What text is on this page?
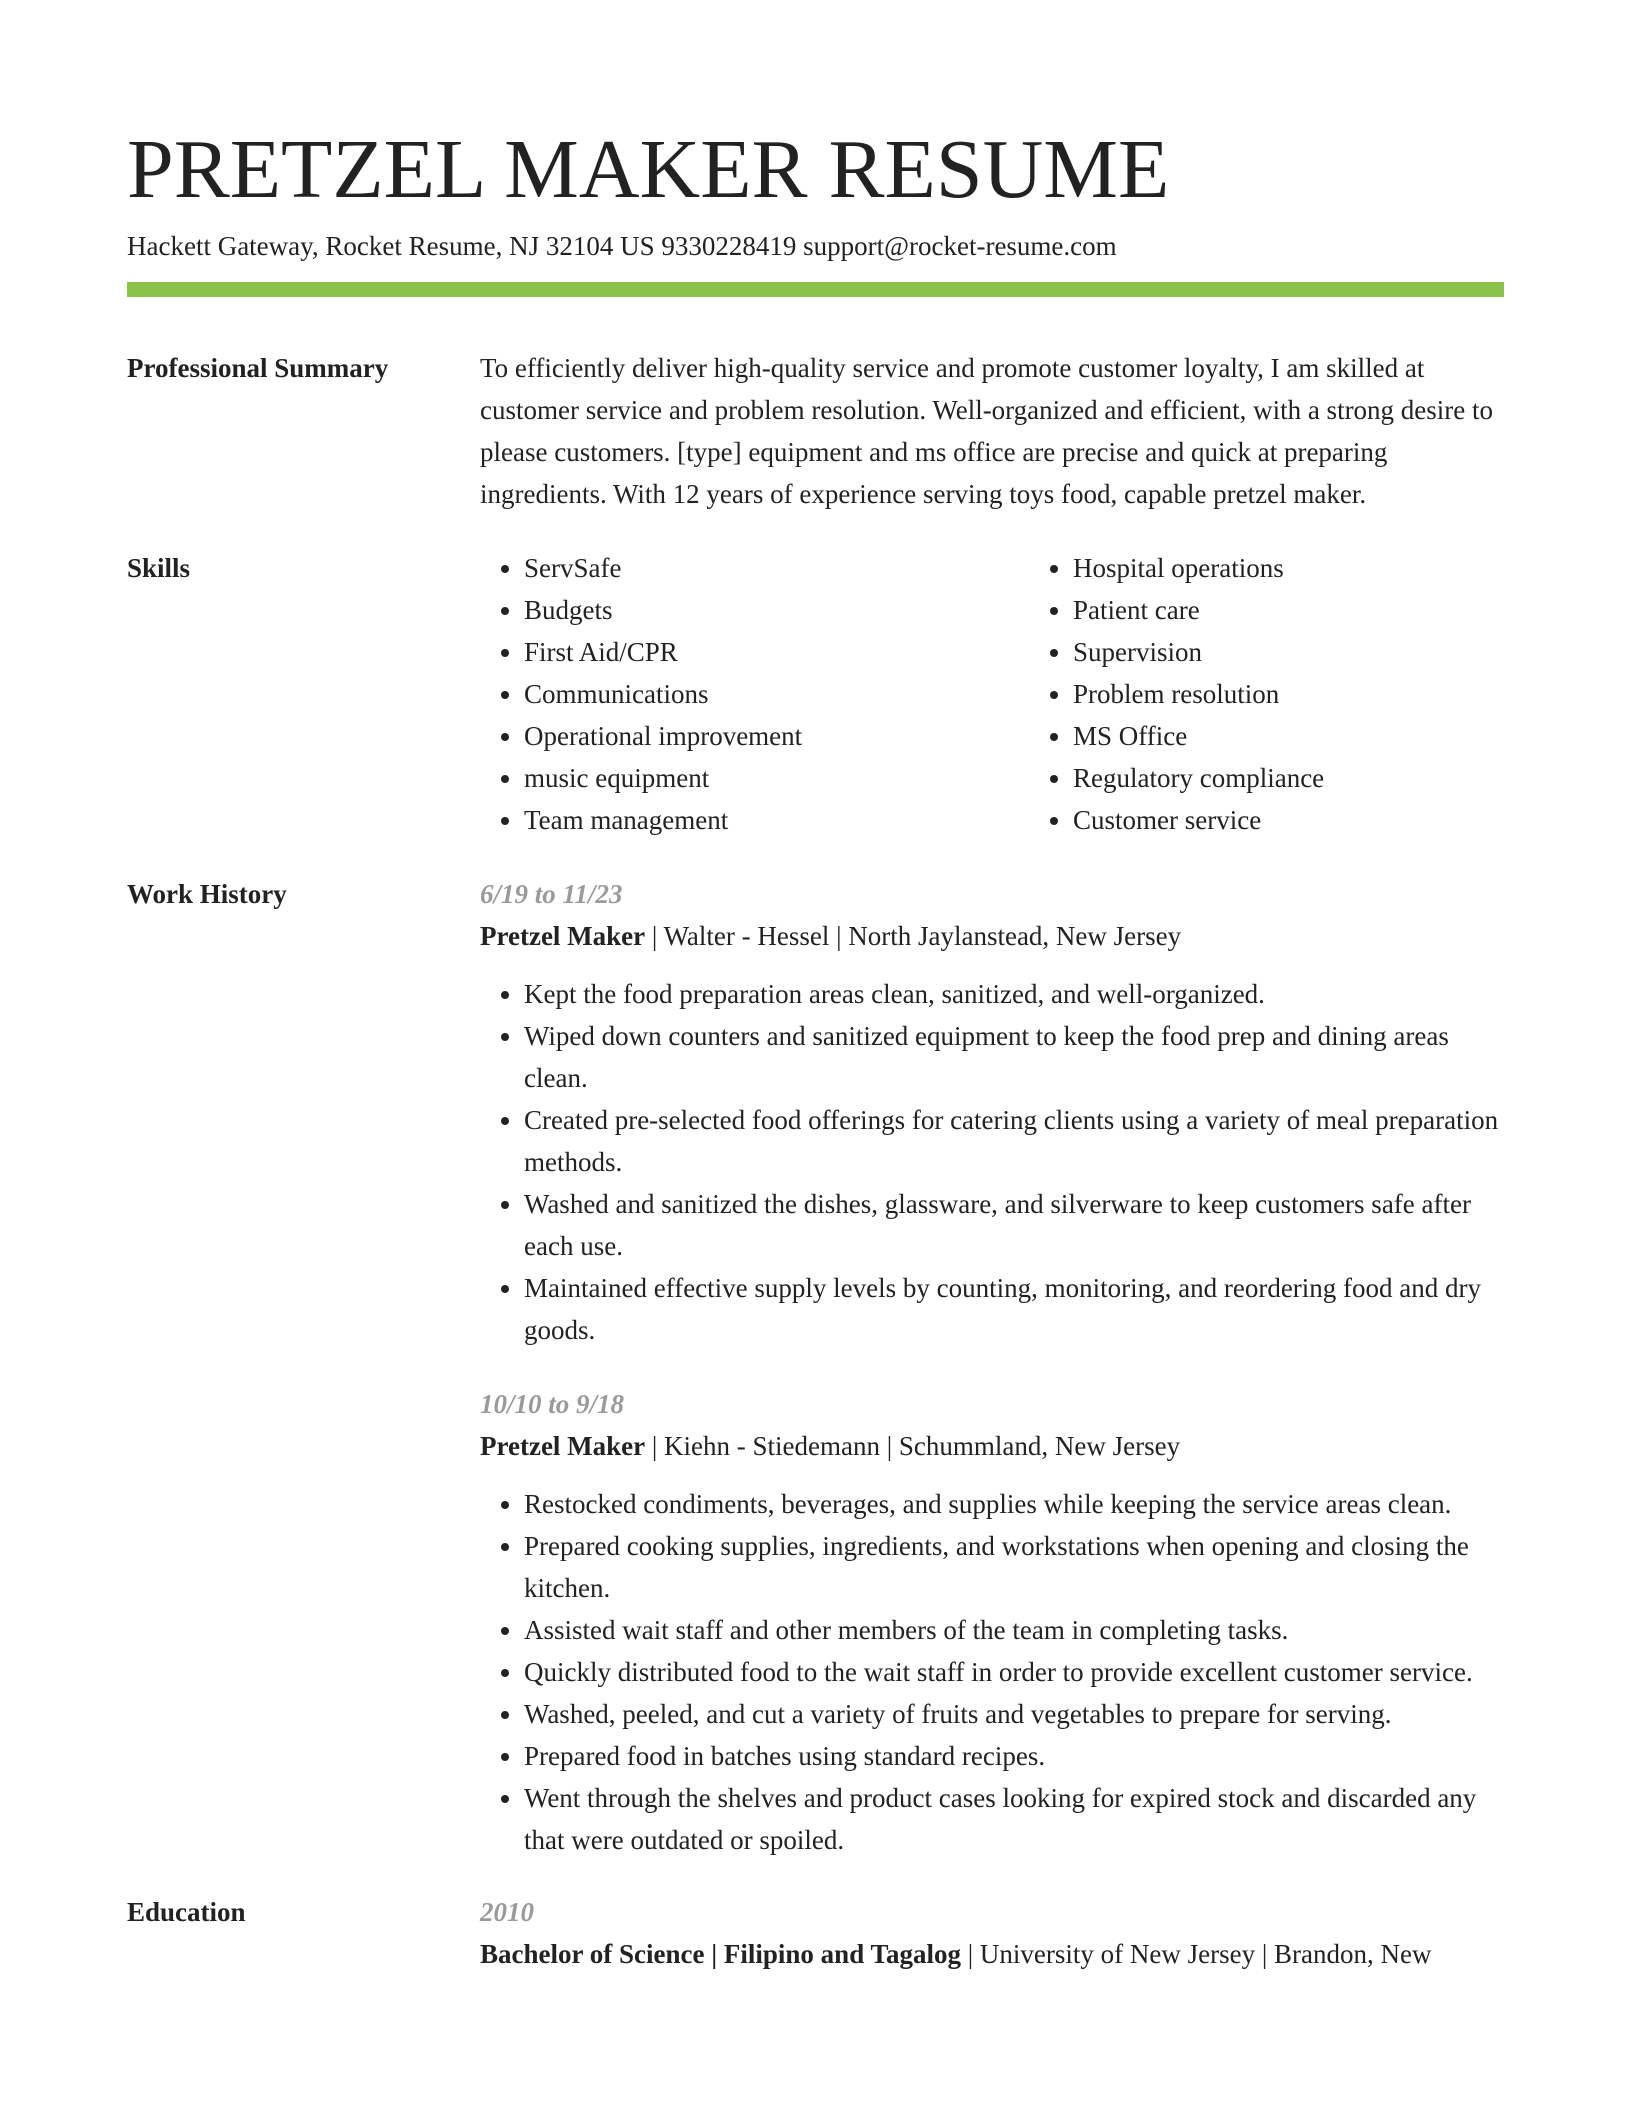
PRETZEL MAKER RESUME
Hackett Gateway, Rocket Resume, NJ 32104 US 9330228419 support@rocket-resume.com
Professional Summary	To efficiently deliver high-quality service and promote customer loyalty, I am skilled at customer service and problem resolution. Well-organized and efficient, with a strong desire to please customers. [type] equipment and ms office are precise and quick at preparing ingredients. With 12 years of experience serving toys food, capable pretzel maker.
Skills
•	ServSafe
• Budgets
• First Aid/CPR
• Communications
• Operational improvement
• music equipment
• Team management
• Hospital operations
• Patient care
• Supervision
• Problem resolution
• MS Office
• Regulatory compliance
• Customer service
Work History	6/19 to 11/23
Pretzel Maker | Walter - Hessel | North Jaylanstead, New Jersey
• Kept the food preparation areas clean, sanitized, and well-organized.
• Wiped down counters and sanitized equipment to keep the food prep and dining areas clean.
• Created pre-selected food offerings for catering clients using a variety of meal preparation methods.
• Washed and sanitized the dishes, glassware, and silverware to keep customers safe after each use.
• Maintained effective supply levels by counting, monitoring, and reordering food and dry goods.
10/10 to 9/18
Pretzel Maker | Kiehn - Stiedemann | Schummland, New Jersey
• Restocked condiments, beverages, and supplies while keeping the service areas clean.
• Prepared cooking supplies, ingredients, and workstations when opening and closing the kitchen.
• Assisted wait staff and other members of the team in completing tasks.
• Quickly distributed food to the wait staff in order to provide excellent customer service.
• Washed, peeled, and cut a variety of fruits and vegetables to prepare for serving.
• Prepared food in batches using standard recipes.
• Went through the shelves and product cases looking for expired stock and discarded any that were outdated or spoiled.
Education	2010
Bachelor of Science | Filipino and Tagalog | University of New Jersey | Brandon, New
